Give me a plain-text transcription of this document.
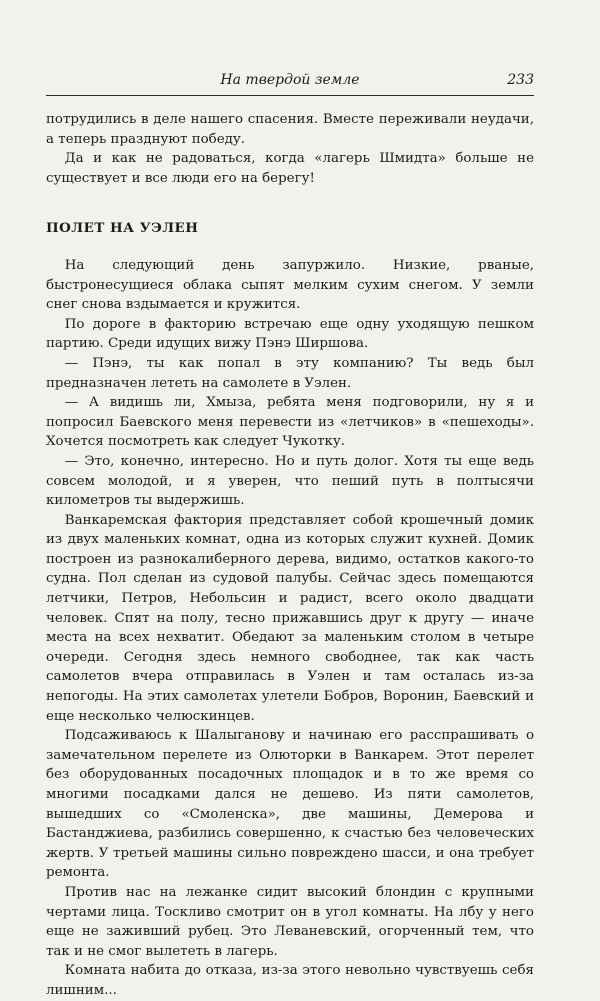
На твердой земле	233

потрудились в деле нашего спасения. Вместе переживали неудачи, а теперь празднуют победу.

Да и как не радоваться, когда «лагерь Шмидта» больше не существует и все люди его на берегу!

ПОЛЕТ НА УЭЛЕН

На следующий день запуржило. Низкие, рваные, быстронесущиеся облака сыпят мелким сухим снегом. У земли снег снова вздымается и кружится.

По дороге в факторию встречаю еще одну уходящую пешком партию. Среди идущих вижу Пэнэ Ширшова.

— Пэнэ, ты как попал в эту компанию? Ты ведь был предназначен лететь на самолете в Уэлен.

— А видишь ли, Хмыза, ребята меня подговорили, ну я и попросил Баевского меня перевести из «летчиков» в «пешеходы». Хочется посмотреть как следует Чукотку.

— Это, конечно, интересно. Но и путь долог. Хотя ты еще ведь совсем молодой, и я уверен, что пеший путь в полтысячи километров ты выдержишь.

Ванкаремская фактория представляет собой крошечный домик из двух маленьких комнат, одна из которых служит кухней. Домик построен из разнокалиберного дерева, видимо, остатков какого-то судна. Пол сделан из судовой палубы. Сейчас здесь помещаются летчики, Петров, Небольсин и радист, всего около двадцати человек. Спят на полу, тесно прижавшись друг к другу — иначе места на всех нехватит. Обедают за маленьким столом в четыре очереди. Сегодня здесь немного свободнее, так как часть самолетов вчера отправилась в Уэлен и там осталась из-за непогоды. На этих самолетах улетели Бобров, Воронин, Баевский и еще несколько челюскинцев.

Подсаживаюсь к Шалыганову и начинаю его расспрашивать о замечательном перелете из Олюторки в Ванкарем. Этот перелет без оборудованных посадочных площадок и в то же время со многими посадками дался не дешево. Из пяти самолетов, вышедших со «Смоленска», две машины, Демерова и Бастанджиева, разбились совершенно, к счастью без человеческих жертв. У третьей машины сильно повреждено шасси, и она требует ремонта.

Против нас на лежанке сидит высокий блондин с крупными чертами лица. Тоскливо смотрит он в угол комнаты. На лбу у него еще не заживший рубец. Это Леваневский, огорченный тем, что так и не смог вылететь в лагерь.

Комната набита до отказа, из-за этого невольно чувствуешь себя лишним...
